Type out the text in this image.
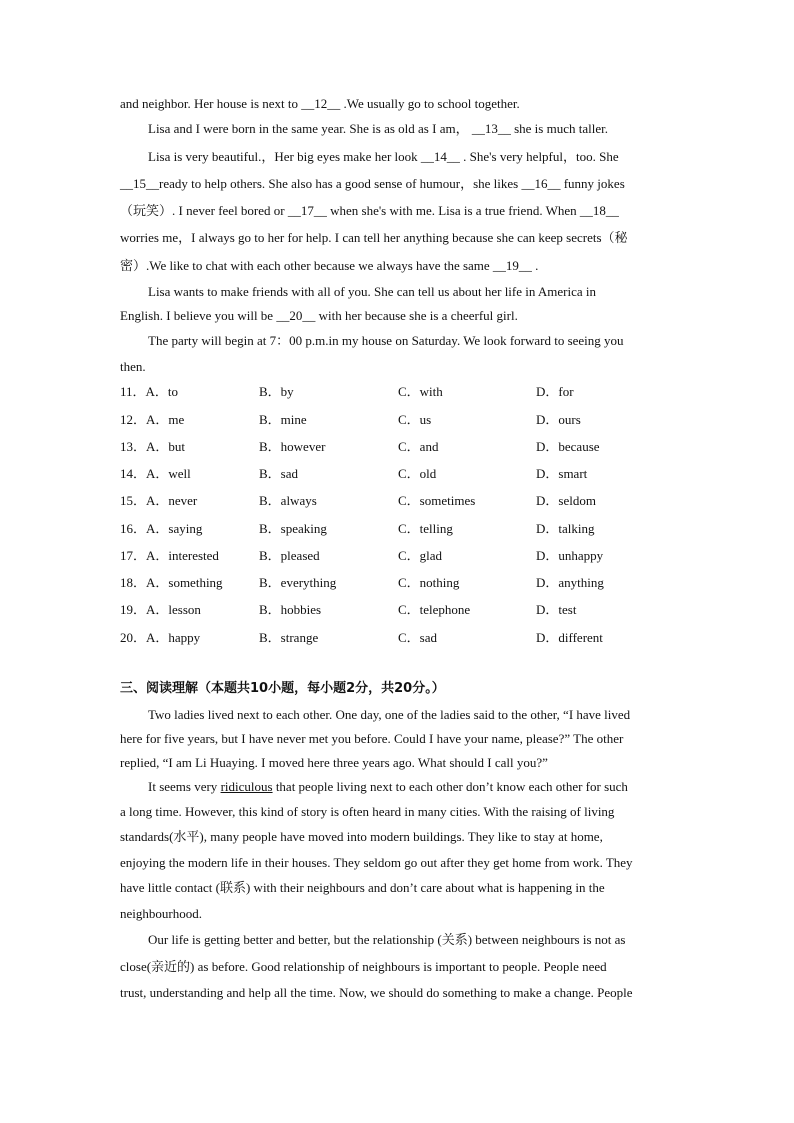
and neighbor. Her house is next to __12__ .We usually go to school together.
Lisa and I were born in the same year. She is as old as I am， __13__ she is much taller.
Lisa is very beautiful.，Her big eyes make her look __14__ . She's very helpful，too. She
__15__ready to help others. She also has a good sense of humour，she likes __16__ funny jokes
（玩笑）. I never feel bored or __17__ when she's with me. Lisa is a true friend. When __18__
worries me，I always go to her for help. I can tell her anything because she can keep secrets（秘
密）.We like to chat with each other because we always have the same __19__ .
Lisa wants to make friends with all of you. She can tell us about her life in America in
English. I believe you will be __20__ with her because she is a cheerful girl.
The party will begin at 7：00 p.m.in my house on Saturday. We look forward to seeing you
then.
11．A．to	B．by	C．with	D．for
12．A．me	B．mine	C．us	D．ours
13．A．but	B．however	C．and	D．because
14．A．well	B．sad	C．old	D．smart
15．A．never	B．always	C．sometimes	D．seldom
16．A．saying	B．speaking	C．telling	D．talking
17．A．interested	B．pleased	C．glad	D．unhappy
18．A．something	B．everything	C．nothing	D．anything
19．A．lesson	B．hobbies	C．telephone	D．test
20．A．happy	B．strange	C．sad	D．different
三、阅读理解（本题共10小题，每小题2分，共20分。）
Two ladies lived next to each other. One day, one of the ladies said to the other, “I have lived
here for five years, but I have never met you before. Could I have your name, please?” The other
replied, “I am Li Huaying. I moved here three years ago. What should I call you?”
It seems very ridiculous that people living next to each other don’t know each other for such
a long time. However, this kind of story is often heard in many cities. With the raising of living
standards(水平), many people have moved into modern buildings. They like to stay at home,
enjoying the modern life in their houses. They seldom go out after they get home from work. They
have little contact (联系) with their neighbours and don’t care about what is happening in the
neighbourhood.
Our life is getting better and better, but the relationship (关系) between neighbours is not as
close(亲近的) as before. Good relationship of neighbours is important to people. People need
trust, understanding and help all the time. Now, we should do something to make a change. People
